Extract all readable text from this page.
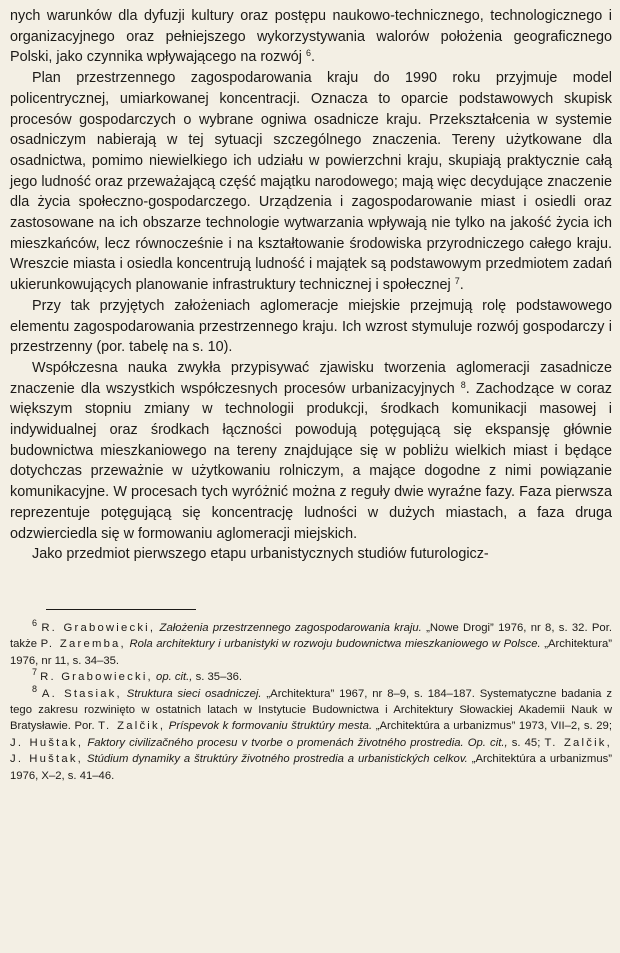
nych warunków dla dyfuzji kultury oraz postępu naukowo-technicznego, technologicznego i organizacyjnego oraz pełniejszego wykorzystywania walorów położenia geograficznego Polski, jako czynnika wpływającego na rozwój $^6$.

Plan przestrzennego zagospodarowania kraju do 1990 roku przyjmuje model policentrycznej, umiarkowanej koncentracji. Oznacza to oparcie podstawowych skupisk procesów gospodarczych o wybrane ogniwa osadnicze kraju. Przekształcenia w systemie osadniczym nabierają w tej sytuacji szczególnego znaczenia. Tereny użytkowane dla osadnictwa, pomimo niewielkiego ich udziału w powierzchni kraju, skupiają praktycznie całą jego ludność oraz przeważającą część majątku narodowego; mają więc decydujące znaczenie dla życia społeczno-gospodarczego. Urządzenia i zagospodarowanie miast i osiedli oraz zastosowane na ich obszarze technologie wytwarzania wpływają nie tylko na jakość życia ich mieszkańców, lecz równocześnie i na kształtowanie środowiska przyrodniczego całego kraju. Wreszcie miasta i osiedla koncentrują ludność i majątek są podstawowym przedmiotem zadań ukierunkowujących planowanie infrastruktury technicznej i społecznej $^7$.

Przy tak przyjętych założeniach aglomeracje miejskie przejmują rolę podstawowego elementu zagospodarowania przestrzennego kraju. Ich wzrost stymuluje rozwój gospodarczy i przestrzenny (por. tabelę na s. 10).

Współczesna nauka zwykła przypisywać zjawisku tworzenia aglomeracji zasadnicze znaczenie dla wszystkich współczesnych procesów urbanizacyjnych $^8$. Zachodzące w coraz większym stopniu zmiany w technologii produkcji, środkach komunikacji masowej i indywidualnej oraz środkach łączności powodują potęgującą się ekspansję głównie budownictwa mieszkaniowego na tereny znajdujące się w pobliżu wielkich miast i będące dotychczas przeważnie w użytkowaniu rolniczym, a mające dogodne z nimi powiązanie komunikacyjne. W procesach tych wyróżnić można z reguły dwie wyraźne fazy. Faza pierwsza reprezentuje potęgującą się koncentrację ludności w dużych miastach, a faza druga odzwierciedla się w formowaniu aglomeracji miejskich.

Jako przedmiot pierwszego etapu urbanistycznych studiów futurologicz-

$^6$ R. Grabowiecki, Założenia przestrzennego zagospodarowania kraju. „Nowe Drogi” 1976, nr 8, s. 32. Por. także P. Zaremba, Rola architektury i urbanistyki w rozwoju budownictwa mieszkaniowego w Polsce. „Architektura” 1976, nr 11, s. 34–35.

$^7$ R. Grabowiecki, op. cit., s. 35–36.

$^8$ A. Stasiak, Struktura sieci osadniczej. „Architektura” 1967, nr 8–9, s. 184–187. Systematyczne badania z tego zakresu rozwinięto w ostatnich latach w Instytucie Budownictwa i Architektury Słowackiej Akademii Nauk w Bratysławie. Por. T. Zalčik, Príspevok k formovaniu štruktúry mesta. „Architektúra a urbanizmus” 1973, VII–2, s. 29; J. Huštak, Faktory civilizačného procesu v tvorbe o promenách životného prostredia. Op. cit., s. 45; T. Zalčik, J. Huštak, Stúdium dynamiky a štruktúry životného prostredia a urbanistických celkov. „Architektúra a urbanizmus” 1976, X–2, s. 41–46.
